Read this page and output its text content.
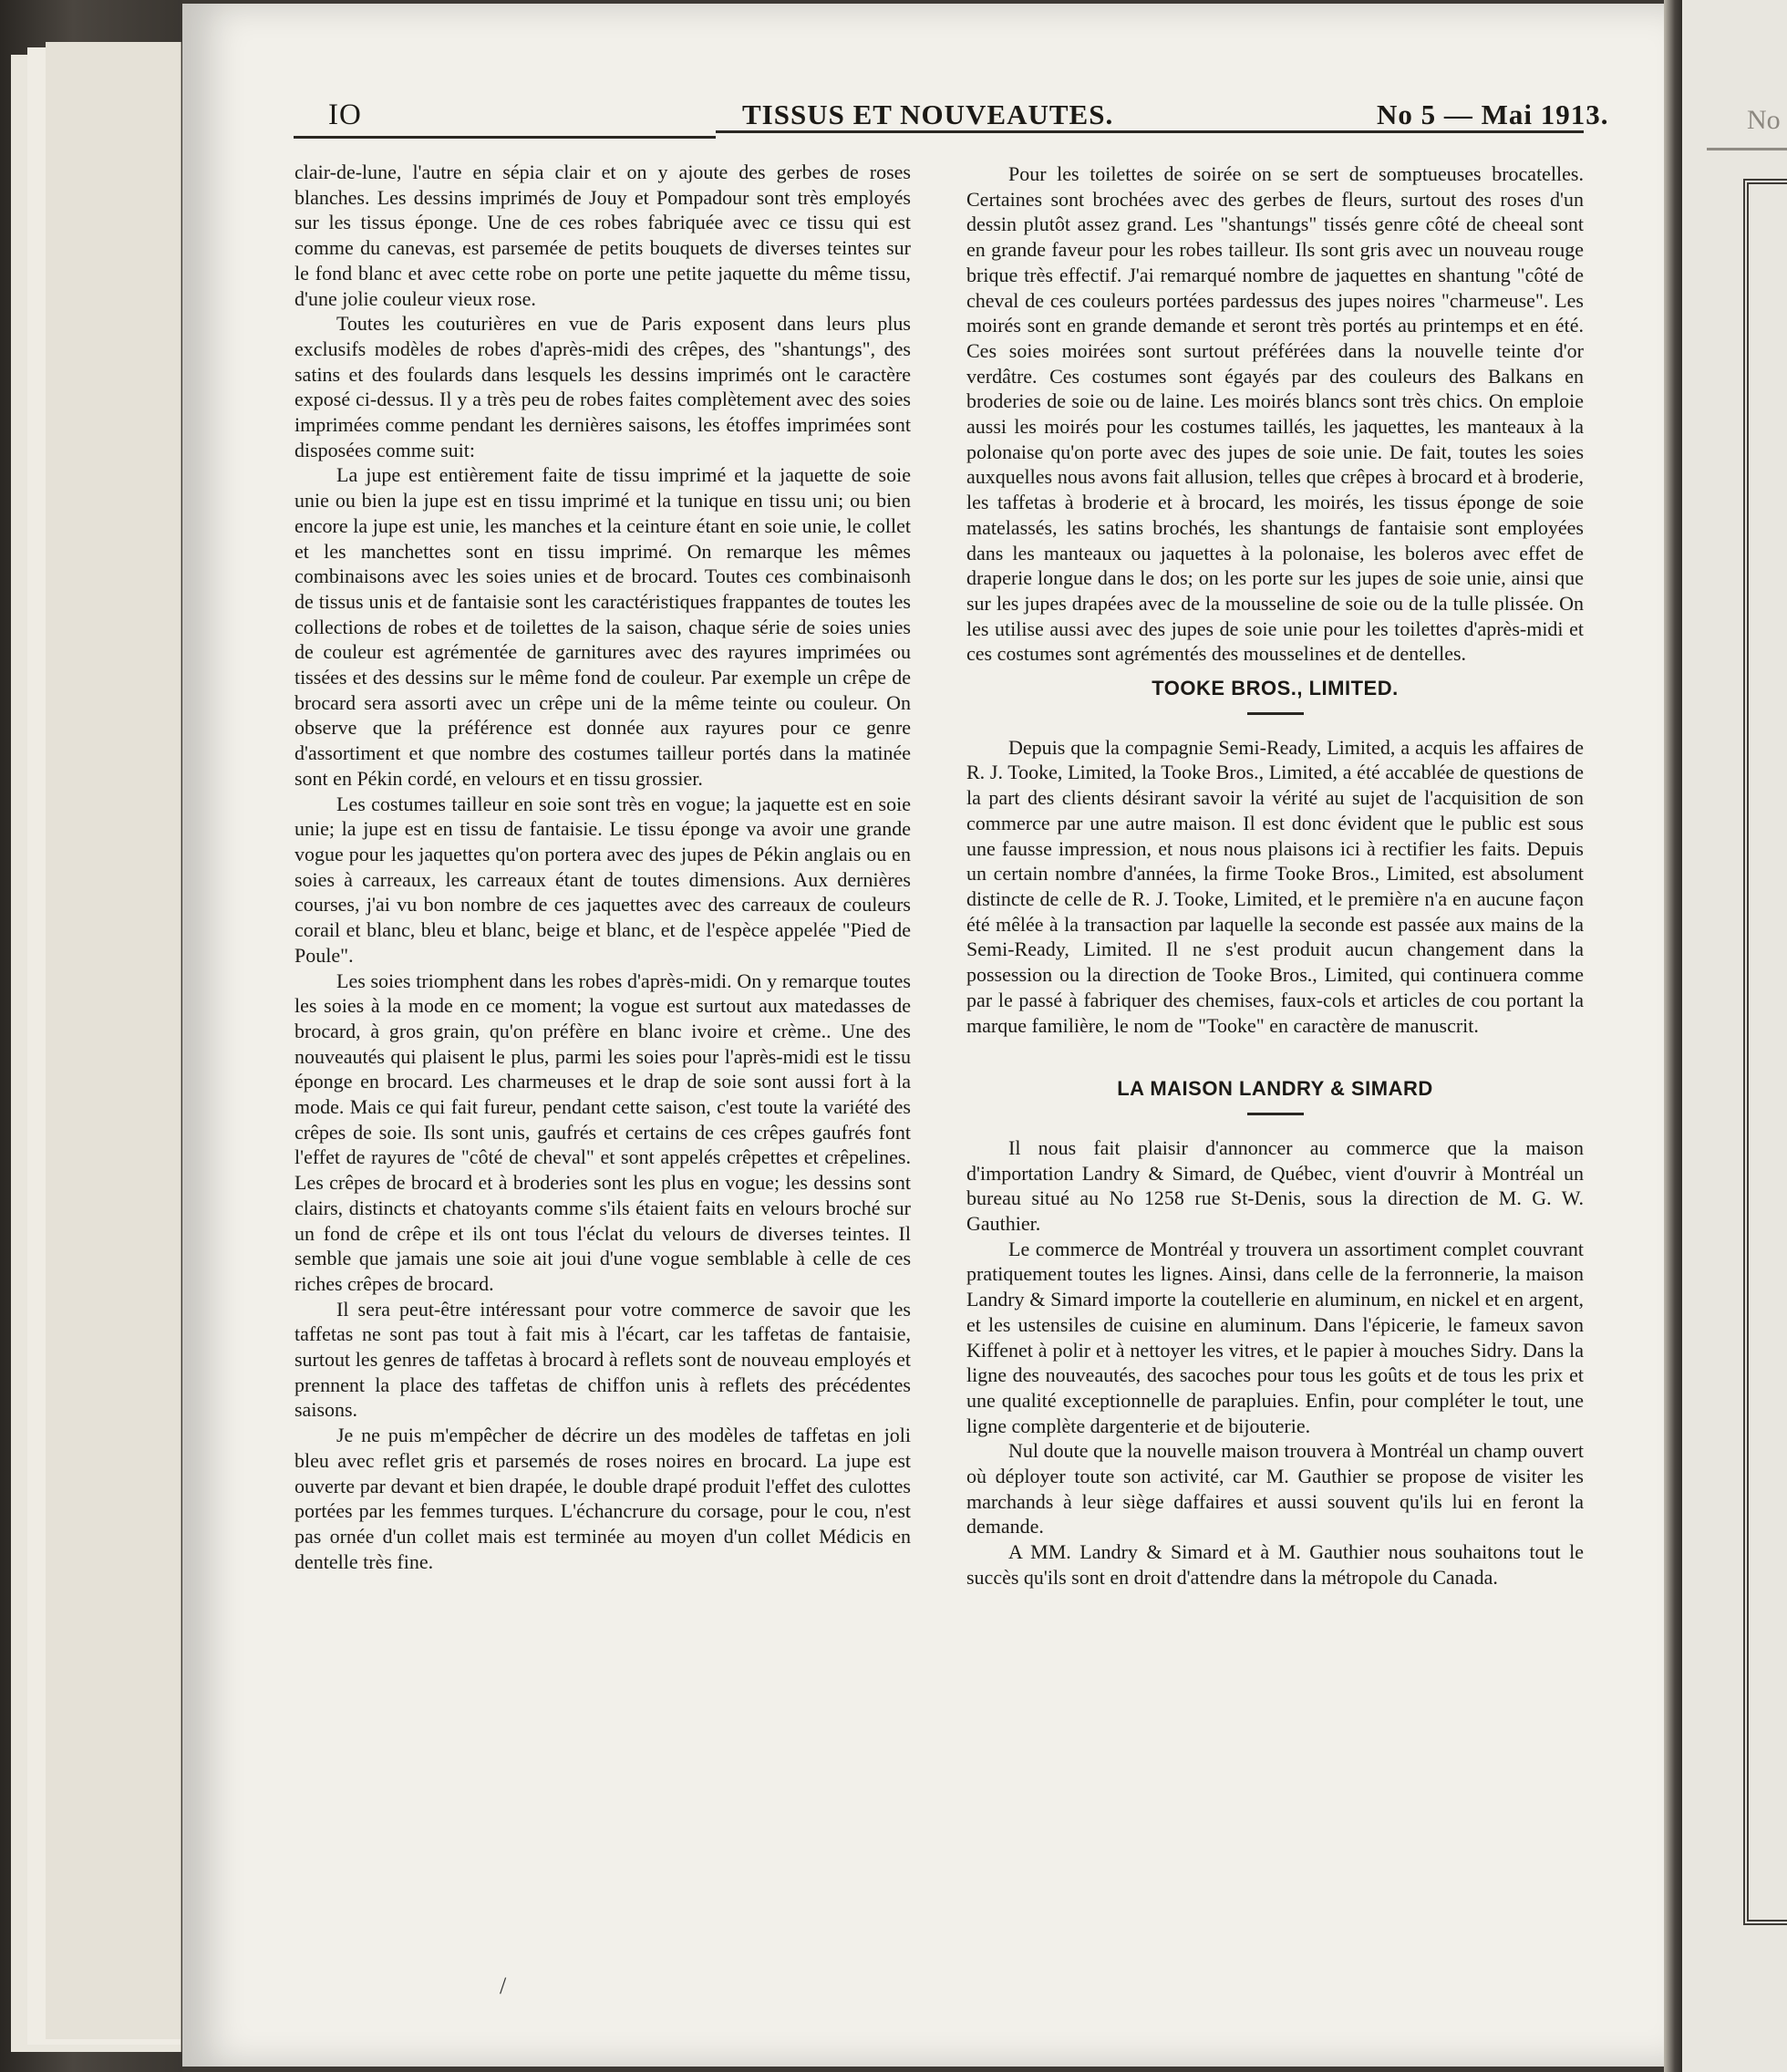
No
IO	TISSUS ET NOUVEAUTES.	No 5 — Mai 1913.

clair-de-lune, l'autre en sépia clair et on y ajoute des gerbes de roses blanches. Les dessins imprimés de Jouy et Pompadour sont très employés sur les tissus éponge. Une de ces robes fabriquée avec ce tissu qui est comme du canevas, est parsemée de petits bouquets de diverses teintes sur le fond blanc et avec cette robe on porte une petite jaquette du même tissu, d'une jolie couleur vieux rose.

Toutes les couturières en vue de Paris exposent dans leurs plus exclusifs modèles de robes d'après-midi des crêpes, des "shantungs", des satins et des foulards dans lesquels les dessins imprimés ont le caractère exposé ci-dessus. Il y a très peu de robes faites complètement avec des soies imprimées comme pendant les dernières saisons, les étoffes imprimées sont disposées comme suit:

La jupe est entièrement faite de tissu imprimé et la jaquette de soie unie ou bien la jupe est en tissu imprimé et la tunique en tissu uni; ou bien encore la jupe est unie, les manches et la ceinture étant en soie unie, le collet et les manchettes sont en tissu imprimé. On remarque les mêmes combinaisons avec les soies unies et de brocard. Toutes ces combinaisonh de tissus unis et de fantaisie sont les caractéristiques frappantes de toutes les collections de robes et de toilettes de la saison, chaque série de soies unies de couleur est agrémentée de garnitures avec des rayures imprimées ou tissées et des dessins sur le même fond de couleur. Par exemple un crêpe de brocard sera assorti avec un crêpe uni de la même teinte ou couleur. On observe que la préférence est donnée aux rayures pour ce genre d'assortiment et que nombre des costumes tailleur portés dans la matinée sont en Pékin cordé, en velours et en tissu grossier.

Les costumes tailleur en soie sont très en vogue; la jaquette est en soie unie; la jupe est en tissu de fantaisie. Le tissu éponge va avoir une grande vogue pour les jaquettes qu'on portera avec des jupes de Pékin anglais ou en soies à carreaux, les carreaux étant de toutes dimensions. Aux dernières courses, j'ai vu bon nombre de ces jaquettes avec des carreaux de couleurs corail et blanc, bleu et blanc, beige et blanc, et de l'espèce appelée "Pied de Poule".

Les soies triomphent dans les robes d'après-midi. On y remarque toutes les soies à la mode en ce moment; la vogue est surtout aux matedasses de brocard, à gros grain, qu'on préfère en blanc ivoire et crème.. Une des nouveautés qui plaisent le plus, parmi les soies pour l'après-midi est le tissu éponge en brocard. Les charmeuses et le drap de soie sont aussi fort à la mode. Mais ce qui fait fureur, pendant cette saison, c'est toute la variété des crêpes de soie. Ils sont unis, gaufrés et certains de ces crêpes gaufrés font l'effet de rayures de "côté de cheval" et sont appelés crêpettes et crêpelines. Les crêpes de brocard et à broderies sont les plus en vogue; les dessins sont clairs, distincts et chatoyants comme s'ils étaient faits en velours broché sur un fond de crêpe et ils ont tous l'éclat du velours de diverses teintes. Il semble que jamais une soie ait joui d'une vogue semblable à celle de ces riches crêpes de brocard.

Il sera peut-être intéressant pour votre commerce de savoir que les taffetas ne sont pas tout à fait mis à l'écart, car les taffetas de fantaisie, surtout les genres de taffetas à brocard à reflets sont de nouveau employés et prennent la place des taffetas de chiffon unis à reflets des précédentes saisons.

Je ne puis m'empêcher de décrire un des modèles de taffetas en joli bleu avec reflet gris et parsemés de roses noires en brocard. La jupe est ouverte par devant et bien drapée, le double drapé produit l'effet des culottes portées par les femmes turques. L'échancrure du corsage, pour le cou, n'est pas ornée d'un collet mais est terminée au moyen d'un collet Médicis en dentelle très fine.

Pour les toilettes de soirée on se sert de somptueuses brocatelles. Certaines sont brochées avec des gerbes de fleurs, surtout des roses d'un dessin plutôt assez grand. Les "shantungs" tissés genre côté de cheeal sont en grande faveur pour les robes tailleur. Ils sont gris avec un nouveau rouge brique très effectif. J'ai remarqué nombre de jaquettes en shantung "côté de cheval de ces couleurs portées pardessus des jupes noires "charmeuse". Les moirés sont en grande demande et seront très portés au printemps et en été. Ces soies moirées sont surtout préférées dans la nouvelle teinte d'or verdâtre. Ces costumes sont égayés par des couleurs des Balkans en broderies de soie ou de laine. Les moirés blancs sont très chics. On emploie aussi les moirés pour les costumes taillés, les jaquettes, les manteaux à la polonaise qu'on porte avec des jupes de soie unie. De fait, toutes les soies auxquelles nous avons fait allusion, telles que crêpes à brocard et à broderie, les taffetas à broderie et à brocard, les moirés, les tissus éponge de soie matelassés, les satins brochés, les shantungs de fantaisie sont employées dans les manteaux ou jaquettes à la polonaise, les boleros avec effet de draperie longue dans le dos; on les porte sur les jupes de soie unie, ainsi que sur les jupes drapées avec de la mousseline de soie ou de la tulle plissée. On les utilise aussi avec des jupes de soie unie pour les toilettes d'après-midi et ces costumes sont agrémentés des mousselines et de dentelles.

TOOKE BROS., LIMITED.

Depuis que la compagnie Semi-Ready, Limited, a acquis les affaires de R. J. Tooke, Limited, la Tooke Bros., Limited, a été accablée de questions de la part des clients désirant savoir la vérité au sujet de l'acquisition de son commerce par une autre maison. Il est donc évident que le public est sous une fausse impression, et nous nous plaisons ici à rectifier les faits. Depuis un certain nombre d'années, la firme Tooke Bros., Limited, est absolument distincte de celle de R. J. Tooke, Limited, et le première n'a en aucune façon été mêlée à la transaction par laquelle la seconde est passée aux mains de la Semi-Ready, Limited. Il ne s'est produit aucun changement dans la possession ou la direction de Tooke Bros., Limited, qui continuera comme par le passé à fabriquer des chemises, faux-cols et articles de cou portant la marque familière, le nom de "Tooke" en caractère de manuscrit.

LA MAISON LANDRY & SIMARD

Il nous fait plaisir d'annoncer au commerce que la maison d'importation Landry & Simard, de Québec, vient d'ouvrir à Montréal un bureau situé au No 1258 rue St-Denis, sous la direction de M. G. W. Gauthier.

Le commerce de Montréal y trouvera un assortiment complet couvrant pratiquement toutes les lignes. Ainsi, dans celle de la ferronnerie, la maison Landry & Simard importe la coutellerie en aluminum, en nickel et en argent, et les ustensiles de cuisine en aluminum. Dans l'épicerie, le fameux savon Kiffenet à polir et à nettoyer les vitres, et le papier à mouches Sidry. Dans la ligne des nouveautés, des sacoches pour tous les goûts et de tous les prix et une qualité exceptionnelle de parapluies. Enfin, pour compléter le tout, une ligne complète dargenterie et de bijouterie.

Nul doute que la nouvelle maison trouvera à Montréal un champ ouvert où déployer toute son activité, car M. Gauthier se propose de visiter les marchands à leur siège daffaires et aussi souvent qu'ils lui en feront la demande.

A MM. Landry & Simard et à M. Gauthier nous souhaitons tout le succès qu'ils sont en droit d'attendre dans la métropole du Canada.

/
